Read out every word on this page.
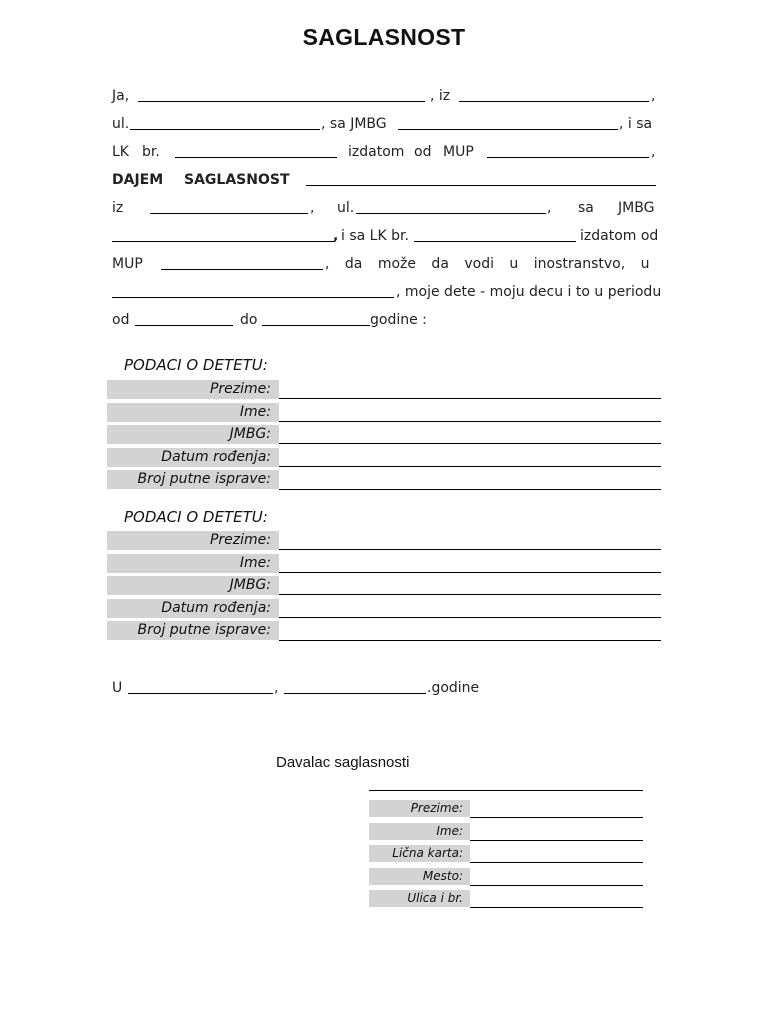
SAGLASNOST
Ja,	, iz	,
ul.	, sa JMBG	, i sa
LK br.	izdatom od MUP	,
DAJEM SAGLASNOST
iz	, ul.	, sa JMBG
, i sa LK br.	izdatom od
MUP	, da može da vodi u inostranstvo, u
, moje dete - moju decu i to u periodu
od	do	godine :
PODACI O DETETU:
Prezime:
Ime:
JMBG:
Datum rođenja:
Broj putne isprave:
PODACI O DETETU:
Prezime:
Ime:
JMBG:
Datum rođenja:
Broj putne isprave:
U	,	.godine
Davalac saglasnosti
Prezime:
Ime:
Lična karta:
Mesto:
Ulica i br.
